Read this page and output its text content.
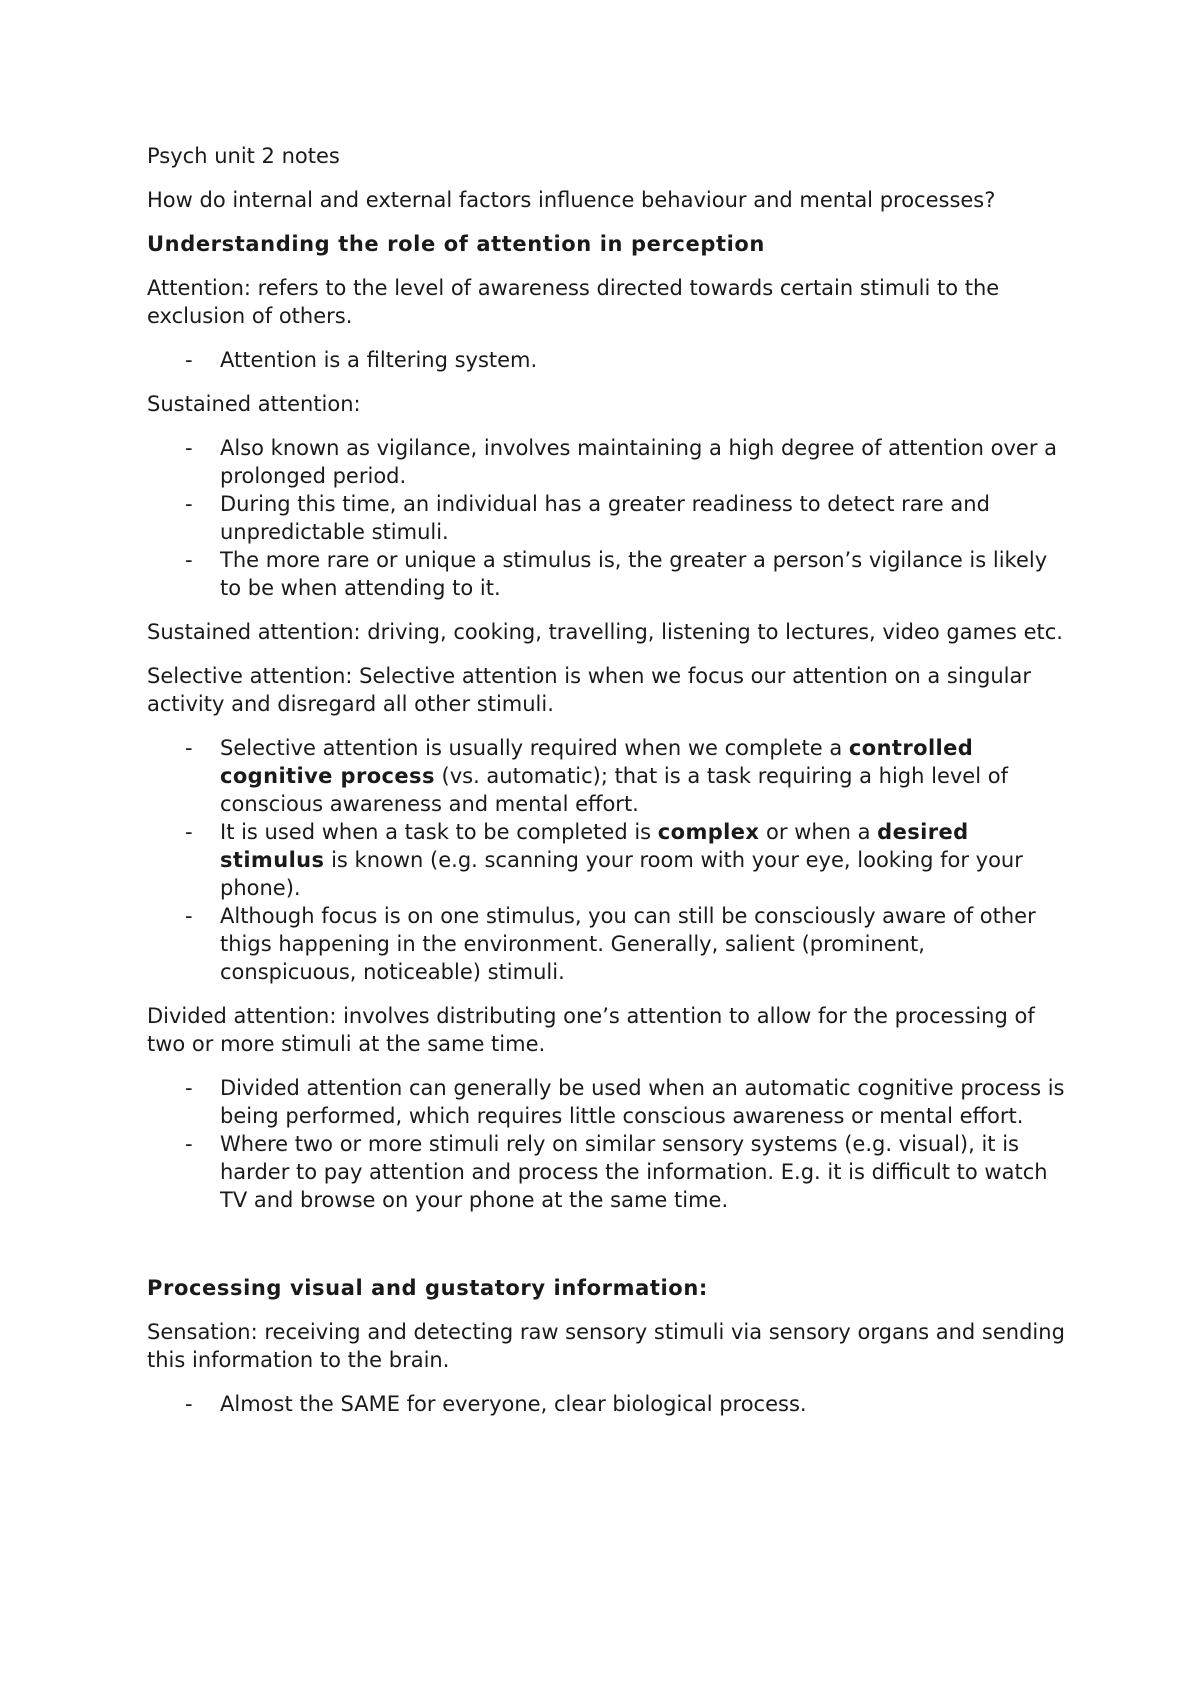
Psych unit 2 notes

How do internal and external factors influence behaviour and mental processes?

Understanding the role of attention in perception

Attention: refers to the level of awareness directed towards certain stimuli to the exclusion of others.

- Attention is a filtering system.

Sustained attention:

- Also known as vigilance, involves maintaining a high degree of attention over a prolonged period.
- During this time, an individual has a greater readiness to detect rare and unpredictable stimuli.
- The more rare or unique a stimulus is, the greater a person’s vigilance is likely to be when attending to it.

Sustained attention: driving, cooking, travelling, listening to lectures, video games etc.

Selective attention: Selective attention is when we focus our attention on a singular activity and disregard all other stimuli.

- Selective attention is usually required when we complete a controlled cognitive process (vs. automatic); that is a task requiring a high level of conscious awareness and mental effort.
- It is used when a task to be completed is complex or when a desired stimulus is known (e.g. scanning your room with your eye, looking for your phone).
- Although focus is on one stimulus, you can still be consciously aware of other thigs happening in the environment. Generally, salient (prominent, conspicuous, noticeable) stimuli.

Divided attention: involves distributing one’s attention to allow for the processing of two or more stimuli at the same time.

- Divided attention can generally be used when an automatic cognitive process is being performed, which requires little conscious awareness or mental effort.
- Where two or more stimuli rely on similar sensory systems (e.g. visual), it is harder to pay attention and process the information. E.g. it is difficult to watch TV and browse on your phone at the same time.

Processing visual and gustatory information:

Sensation: receiving and detecting raw sensory stimuli via sensory organs and sending this information to the brain.

- Almost the SAME for everyone, clear biological process.
